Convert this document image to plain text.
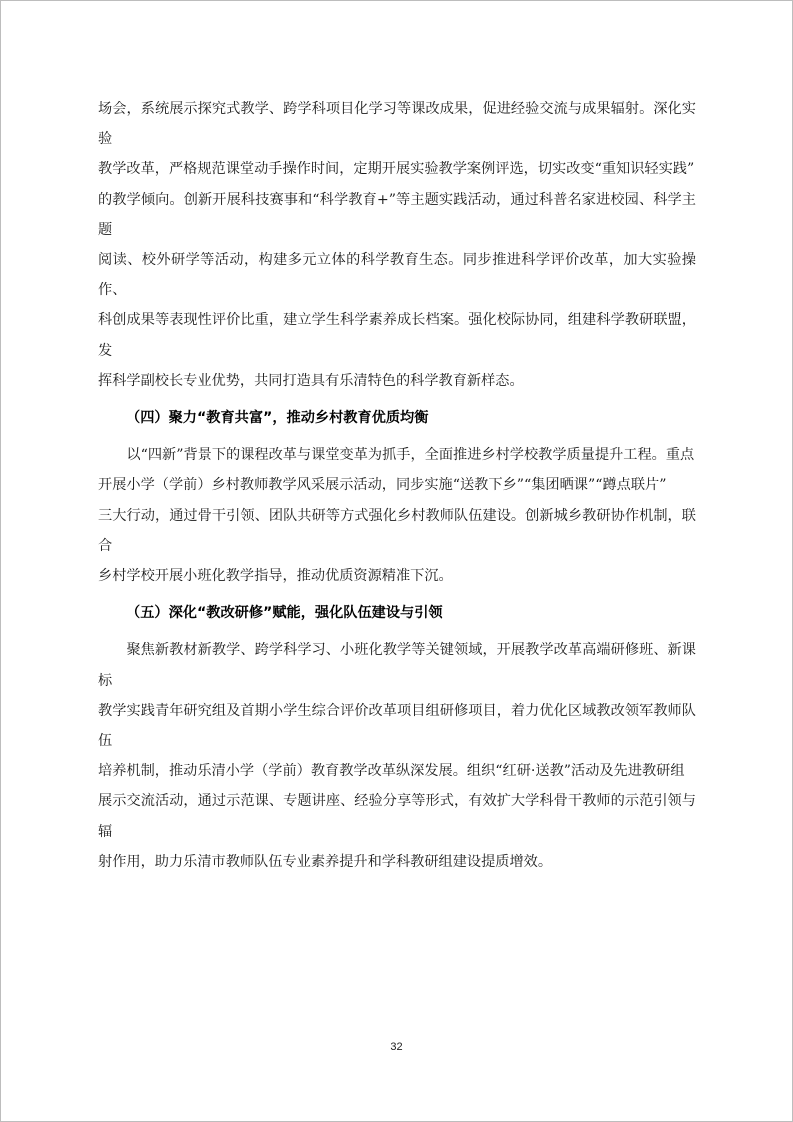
场会，系统展示探究式教学、跨学科项目化学习等课改成果，促进经验交流与成果辐射。深化实验
教学改革，严格规范课堂动手操作时间，定期开展实验教学案例评选，切实改变“重知识轻实践”
的教学倾向。创新开展科技赛事和“科学教育+”等主题实践活动，通过科普名家进校园、科学主题
阅读、校外研学等活动，构建多元立体的科学教育生态。同步推进科学评价改革，加大实验操作、
科创成果等表现性评价比重，建立学生科学素养成长档案。强化校际协同，组建科学教研联盟，发
挥科学副校长专业优势，共同打造具有乐清特色的科学教育新样态。

（四）聚力“教育共富”，推动乡村教育优质均衡

以“四新”背景下的课程改革与课堂变革为抓手，全面推进乡村学校教学质量提升工程。重点
开展小学（学前）乡村教师教学风采展示活动，同步实施“送教下乡”“集团晒课”“蹲点联片”
三大行动，通过骨干引领、团队共研等方式强化乡村教师队伍建设。创新城乡教研协作机制，联合
乡村学校开展小班化教学指导，推动优质资源精准下沉。

（五）深化“教改研修”赋能，强化队伍建设与引领

聚焦新教材新教学、跨学科学习、小班化教学等关键领域，开展教学改革高端研修班、新课标
教学实践青年研究组及首期小学生综合评价改革项目组研修项目，着力优化区域教改领军教师队伍
培养机制，推动乐清小学（学前）教育教学改革纵深发展。组织“红研·送教”活动及先进教研组
展示交流活动，通过示范课、专题讲座、经验分享等形式，有效扩大学科骨干教师的示范引领与辐
射作用，助力乐清市教师队伍专业素养提升和学科教研组建设提质增效。

32
